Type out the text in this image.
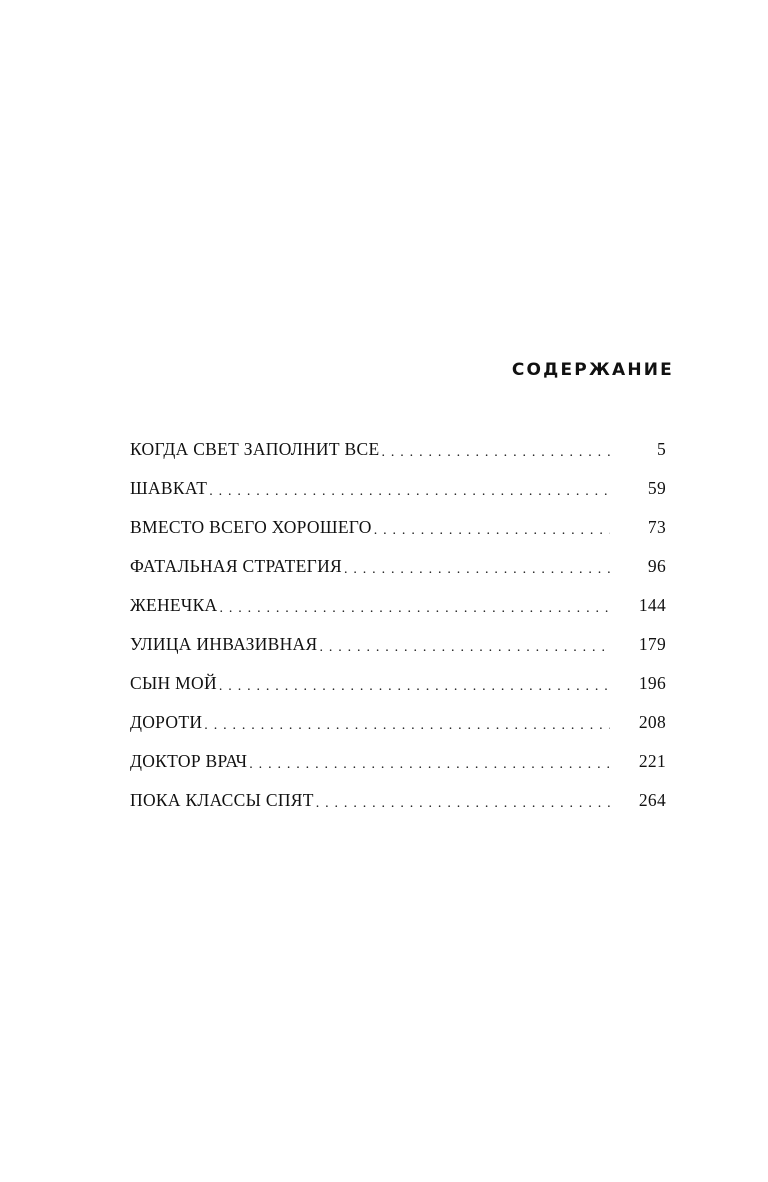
СОДЕРЖАНИЕ
КОГДА СВЕТ ЗАПОЛНИТ ВСЕ . . .	5
ШАВКАТ . . .	59
ВМЕСТО ВСЕГО ХОРОШЕГО . . .	73
ФАТАЛЬНАЯ СТРАТЕГИЯ . . .	96
ЖЕНЕЧКА . . .	144
УЛИЦА ИНВАЗИВНАЯ . . .	179
СЫН МОЙ . . .	196
ДОРОТИ . . .	208
ДОКТОР ВРАЧ . . .	221
ПОКА КЛАССЫ СПЯТ . . .	264
